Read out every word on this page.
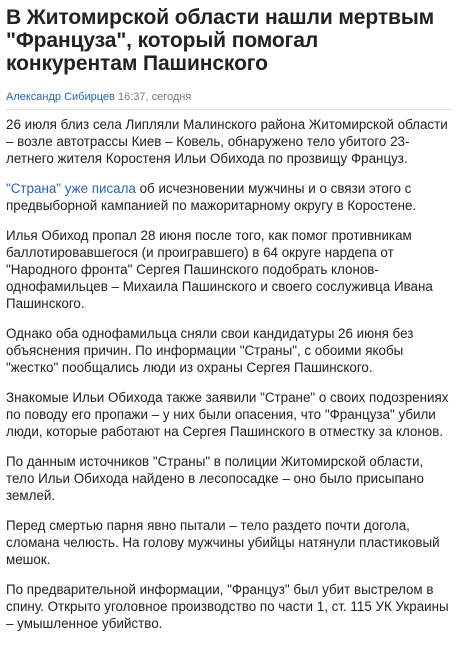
В Житомирской области нашли мертвым "Француза", который помогал конкурентам Пашинского
Александр Сибирцев 16:37, сегодня

26 июля близ села Липляли Малинского района Житомирской области – возле автотрассы Киев – Ковель, обнаружено тело убитого 23-летнего жителя Коростеня Ильи Обихода по прозвищу Француз.

"Страна" уже писала об исчезновении мужчины и о связи этого с предвыборной кампанией по мажоритарному округу в Коростене.

Илья Обиход пропал 28 июня после того, как помог противникам баллотировавшегося (и проигравшего) в 64 округе нардепа от "Народного фронта" Сергея Пашинского подобрать клонов-однофамильцев – Михаила Пашинского и своего сослуживца Ивана Пашинского.

Однако оба однофамильца сняли свои кандидатуры 26 июня без объяснения причин. По информации "Страны", с обоими якобы "жестко" пообщались люди из охраны Сергея Пашинского.

Знакомые Ильи Обихода также заявили "Стране" о своих подозрениях по поводу его пропажи – у них были опасения, что "Француза" убили люди, которые работают на Сергея Пашинского в отместку за клонов.

По данным источников "Страны" в полиции Житомирской области, тело Ильи Обихода найдено в лесопосадке – оно было присыпано землей.

Перед смертью парня явно пытали – тело раздето почти догола, сломана челюсть. На голову мужчины убийцы натянули пластиковый мешок.

По предварительной информации, "Француз" был убит выстрелом в спину. Открыто уголовное производство по части 1, ст. 115 УК Украины – умышленное убийство.
